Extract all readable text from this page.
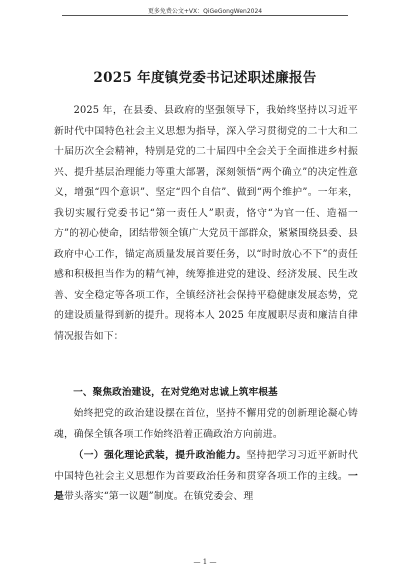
更多免费公文+VX：QiGeGongWen2024
2025 年度镇党委书记述职述廉报告
2025 年，在县委、县政府的坚强领导下，我始终坚持以习近平新时代中国特色社会主义思想为指导，深入学习贯彻党的二十大和二十届历次全会精神，特别是党的二十届四中全会关于全面推进乡村振兴、提升基层治理能力等重大部署，深刻领悟“两个确立”的决定性意义，增强“四个意识”、坚定“四个自信”、做到“两个维护”。一年来，我切实履行党委书记“第一责任人”职责，恪守“为官一任、造福一方”的初心使命，团结带领全镇广大党员干部群众，紧紧围绕县委、县政府中心工作，锚定高质量发展首要任务，以“时时放心不下”的责任感和积极担当作为的精气神，统筹推进党的建设、经济发展、民生改善、安全稳定等各项工作，全镇经济社会保持平稳健康发展态势，党的建设质量得到新的提升。现将本人 2025 年度履职尽责和廉洁自律情况报告如下：
一、聚焦政治建设，在对党绝对忠诚上筑牢根基
始终把党的政治建设摆在首位，坚持不懈用党的创新理论凝心铸魂，确保全镇各项工作始终沿着正确政治方向前进。
（一）强化理论武装，提升政治能力。坚持把学习习近平新时代中国特色社会主义思想作为首要政治任务和贯穿各项工作的主线。一是带头落实“第一议题”制度。在镇党委会、理
— 1 —
